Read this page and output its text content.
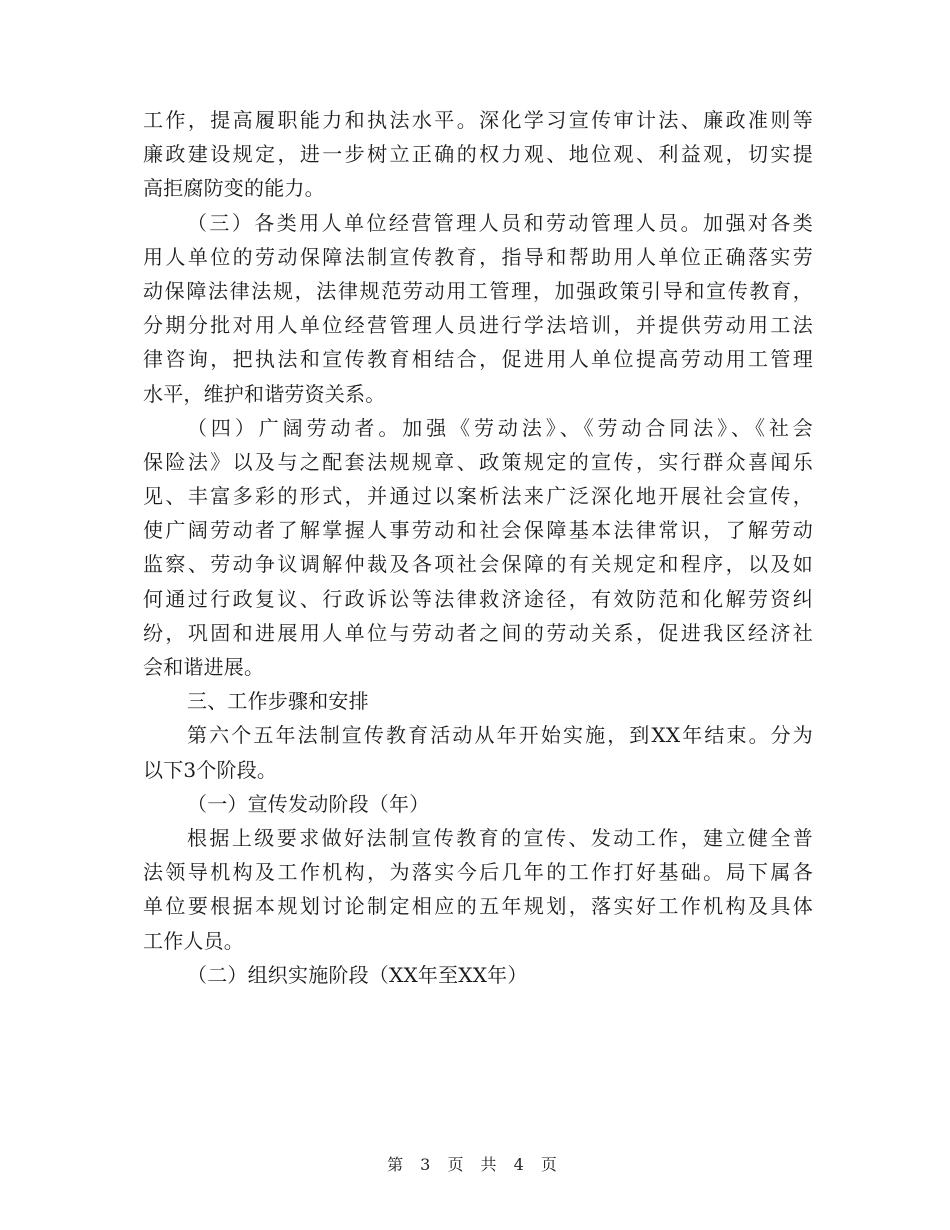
工作，提高履职能力和执法水平。深化学习宣传审计法、廉政准则等
廉政建设规定，进一步树立正确的权力观、地位观、利益观，切实提
高拒腐防变的能力。
（三）各类用人单位经营管理人员和劳动管理人员。加强对各类
用人单位的劳动保障法制宣传教育，指导和帮助用人单位正确落实劳
动保障法律法规，法律规范劳动用工管理，加强政策引导和宣传教育，
分期分批对用人单位经营管理人员进行学法培训，并提供劳动用工法
律咨询，把执法和宣传教育相结合，促进用人单位提高劳动用工管理
水平，维护和谐劳资关系。
（四）广阔劳动者。加强《劳动法》、《劳动合同法》、《社会
保险法》以及与之配套法规规章、政策规定的宣传，实行群众喜闻乐
见、丰富多彩的形式，并通过以案析法来广泛深化地开展社会宣传，
使广阔劳动者了解掌握人事劳动和社会保障基本法律常识，了解劳动
监察、劳动争议调解仲裁及各项社会保障的有关规定和程序，以及如
何通过行政复议、行政诉讼等法律救济途径，有效防范和化解劳资纠
纷，巩固和进展用人单位与劳动者之间的劳动关系，促进我区经济社
会和谐进展。
三、工作步骤和安排
第六个五年法制宣传教育活动从年开始实施，到XX年结束。分为
以下3个阶段。
（一）宣传发动阶段（年）
根据上级要求做好法制宣传教育的宣传、发动工作，建立健全普
法领导机构及工作机构，为落实今后几年的工作打好基础。局下属各
单位要根据本规划讨论制定相应的五年规划，落实好工作机构及具体
工作人员。
（二）组织实施阶段（XX年至XX年）
第 3 页 共 4 页
